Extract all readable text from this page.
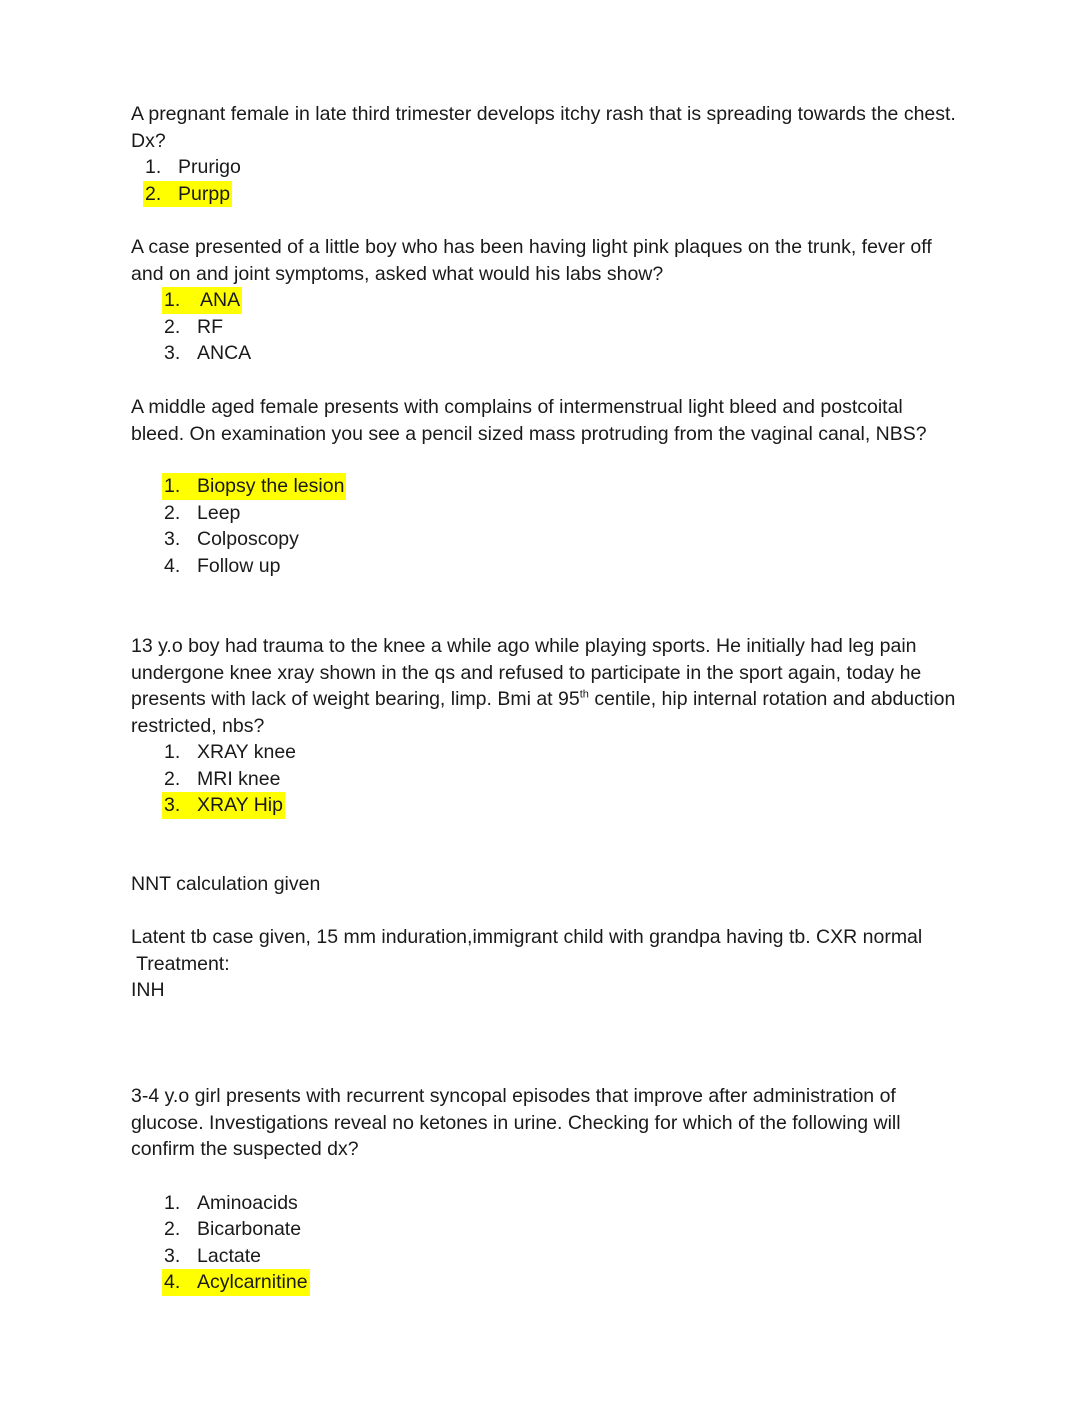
A pregnant female in late third trimester develops itchy rash that is spreading towards the chest. Dx?

1. Prurigo
2. Purpp

A case presented of a little boy who has been having light pink plaques on the trunk, fever off and on and joint symptoms, asked what would his labs show?

1. ANA
2. RF
3. ANCA

A middle aged female presents with complains of intermenstrual light bleed and postcoital bleed. On examination you see a pencil sized mass protruding from the vaginal canal, NBS?

1. Biopsy the lesion
2. Leep
3. Colposcopy
4. Follow up

13 y.o boy had trauma to the knee a while ago while playing sports. He initially had leg pain undergone knee xray shown in the qs and refused to participate in the sport again, today he presents with lack of weight bearing, limp. Bmi at 95th centile, hip internal rotation and abduction restricted, nbs?

1. XRAY knee
2. MRI knee
3. XRAY Hip

NNT calculation given

Latent tb case given, 15 mm induration,immigrant child with grandpa having tb. CXR normal

Treatment:

INH

3-4 y.o girl presents with recurrent syncopal episodes that improve after administration of glucose. Investigations reveal no ketones in urine. Checking for which of the following will confirm the suspected dx?

1. Aminoacids
2. Bicarbonate
3. Lactate
4. Acylcarnitine
